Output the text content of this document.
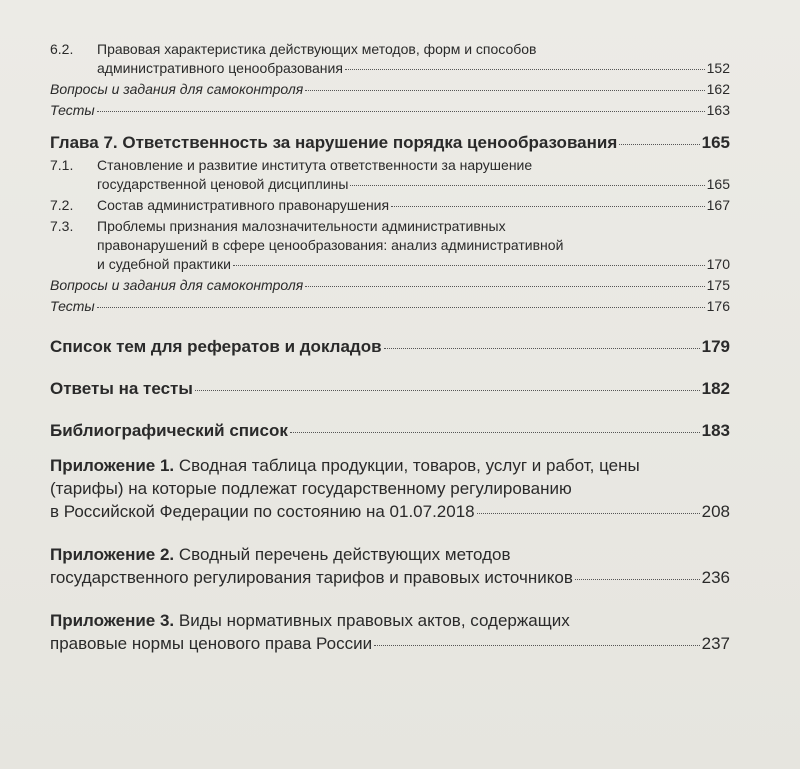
6.2.	Правовая характеристика действующих методов, форм и способов
административного ценообразования	152
Вопросы и задания для самоконтроля	162
Тесты	163
Глава 7. Ответственность за нарушение порядка ценообразования	165
7.1.	Становление и развитие института ответственности за нарушение
государственной ценовой дисциплины	165
7.2.	Состав административного правонарушения	167
7.3.	Проблемы признания малозначительности административных
правонарушений в сфере ценообразования: анализ административной
и судебной практики	170
Вопросы и задания для самоконтроля	175
Тесты	176
Список тем для рефератов и докладов	179
Ответы на тесты	182
Библиографический список	183
Приложение 1. Сводная таблица продукции, товаров, услуг и работ, цены
(тарифы) на которые подлежат государственному регулированию
в Российской Федерации по состоянию на 01.07.2018	208
Приложение 2. Сводный перечень действующих методов
государственного регулирования тарифов и правовых источников	236
Приложение 3. Виды нормативных правовых актов, содержащих
правовые нормы ценового права России	237
